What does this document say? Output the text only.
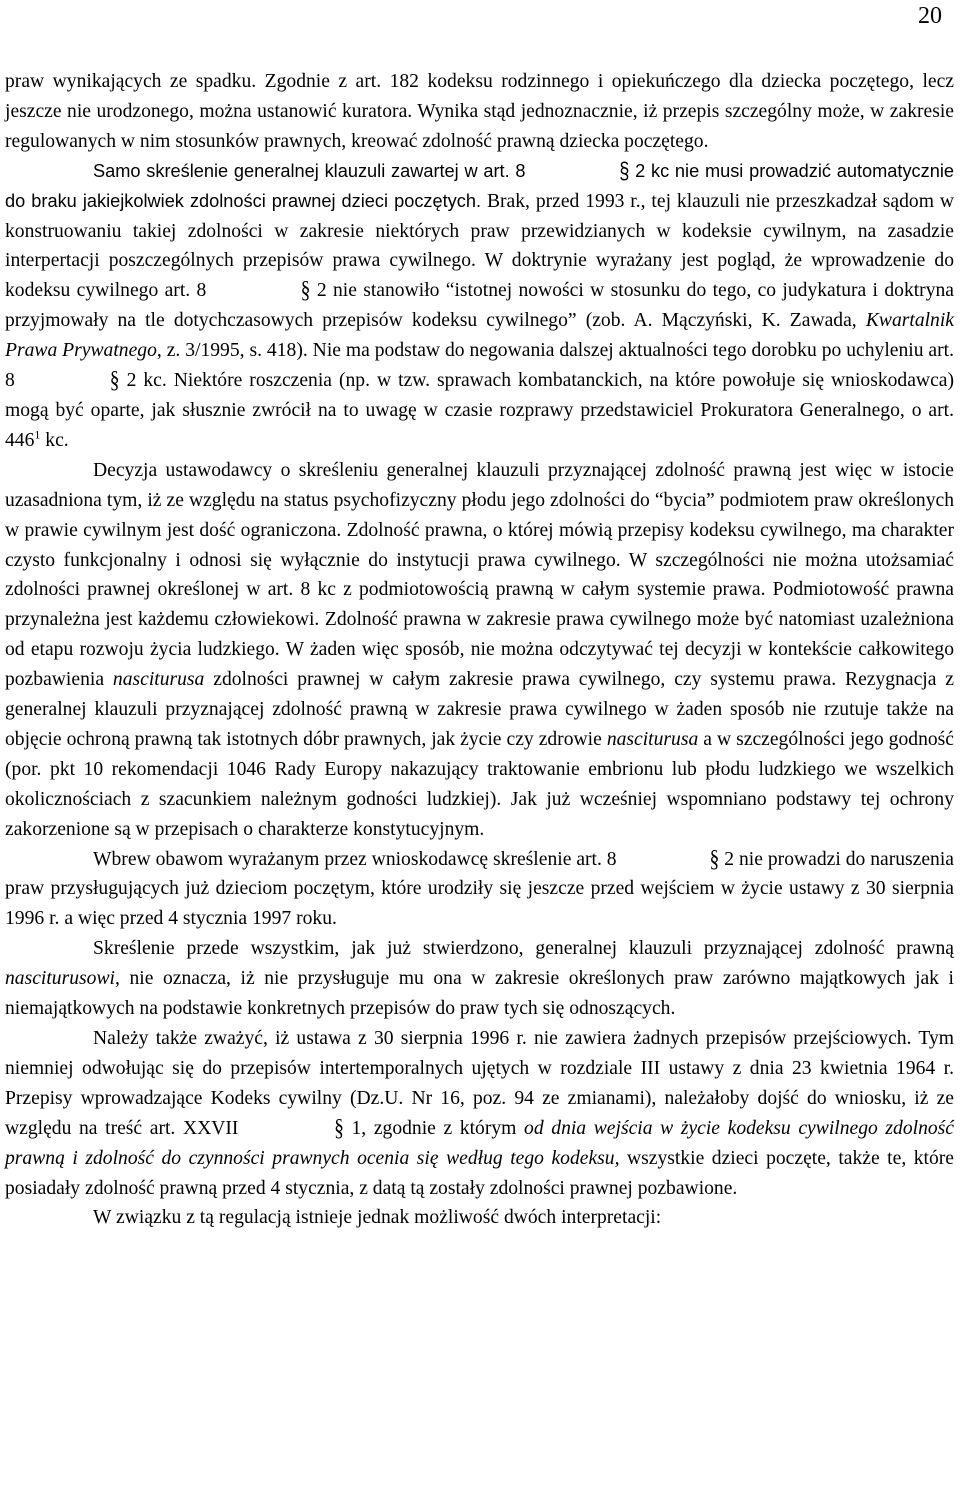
20

praw wynikających ze spadku. Zgodnie z art. 182 kodeksu rodzinnego i opiekuńczego dla dziecka poczętego, lecz jeszcze nie urodzonego, można ustanowić kuratora. Wynika stąd jednoznacznie, iż przepis szczególny może, w zakresie regulowanych w nim stosunków prawnych, kreować zdolność prawną dziecka poczętego.

Samo skreślenie generalnej klauzuli zawartej w art. 8	§ 2 kc nie musi prowadzić automatycznie do braku jakiejkolwiek zdolności prawnej dzieci poczętych. Brak, przed 1993 r., tej klauzuli nie przeszkadzał sądom w konstruowaniu takiej zdolności w zakresie niektórych praw przewidzianych w kodeksie cywilnym, na zasadzie interpertacji poszczególnych przepisów prawa cywilnego. W doktrynie wyrażany jest pogląd, że wprowadzenie do kodeksu cywilnego art. 8	§ 2 nie stanowiło “istotnej nowości w stosunku do tego, co judykatura i doktryna przyjmowały na tle dotychczasowych przepisów kodeksu cywilnego” (zob. A. Mączyński, K. Zawada, Kwartalnik Prawa Prywatnego, z. 3/1995, s. 418). Nie ma podstaw do negowania dalszej aktualności tego dorobku po uchyleniu art. 8	§ 2 kc. Niektóre roszczenia (np. w tzw. sprawach kombatanckich, na które powołuje się wnioskodawca) mogą być oparte, jak słusznie zwrócił na to uwagę w czasie rozprawy przedstawiciel Prokuratora Generalnego, o art. $446^1$ kc.

Decyzja ustawodawcy o skreśleniu generalnej klauzuli przyznającej zdolność prawną jest więc w istocie uzasadniona tym, iż ze względu na status psychofizyczny płodu jego zdolności do “bycia” podmiotem praw określonych w prawie cywilnym jest dość ograniczona. Zdolność prawna, o której mówią przepisy kodeksu cywilnego, ma charakter czysto funkcjonalny i odnosi się wyłącznie do instytucji prawa cywilnego. W szczególności nie można utożsamiać zdolności prawnej określonej w art. 8 kc z podmiotowością prawną w całym systemie prawa. Podmiotowość prawna przynależna jest każdemu człowiekowi. Zdolność prawna w zakresie prawa cywilnego może być natomiast uzależniona od etapu rozwoju życia ludzkiego. W żaden więc sposób, nie można odczytywać tej decyzji w kontekście całkowitego pozbawienia nasciturusa zdolności prawnej w całym zakresie prawa cywilnego, czy systemu prawa. Rezygnacja z generalnej klauzuli przyznającej zdolność prawną w zakresie prawa cywilnego w żaden sposób nie rzutuje także na objęcie ochroną prawną tak istotnych dóbr prawnych, jak życie czy zdrowie nasciturusa a w szczególności jego godność (por. pkt 10 rekomendacji 1046 Rady Europy nakazujący traktowanie embrionu lub płodu ludzkiego we wszelkich okolicznościach z szacunkiem należnym godności ludzkiej). Jak już wcześniej wspomniano podstawy tej ochrony zakorzenione są w przepisach o charakterze konstytucyjnym.

Wbrew obawom wyrażanym przez wnioskodawcę skreślenie art. 8	§ 2 nie prowadzi do naruszenia praw przysługujących już dzieciom poczętym, które urodziły się jeszcze przed wejściem w życie ustawy z 30 sierpnia 1996 r. a więc przed 4 stycznia 1997 roku.

Skreślenie przede wszystkim, jak już stwierdzono, generalnej klauzuli przyznającej zdolność prawną nasciturusowi, nie oznacza, iż nie przysługuje mu ona w zakresie określonych praw zarówno majątkowych jak i niemajątkowych na podstawie konkretnych przepisów do praw tych się odnoszących.

Należy także zważyć, iż ustawa z 30 sierpnia 1996 r. nie zawiera żadnych przepisów przejściowych. Tym niemniej odwołując się do przepisów intertemporalnych ujętych w rozdziale III ustawy z dnia 23 kwietnia 1964 r. Przepisy wprowadzające Kodeks cywilny (Dz.U. Nr 16, poz. 94 ze zmianami), należałoby dojść do wniosku, iż ze względu na treść art. XXVII	§ 1, zgodnie z którym od dnia wejścia w życie kodeksu cywilnego zdolność prawną i zdolność do czynności prawnych ocenia się według tego kodeksu, wszystkie dzieci poczęte, także te, które posiadały zdolność prawną przed 4 stycznia, z datą tą zostały zdolności prawnej pozbawione.

W związku z tą regulacją istnieje jednak możliwość dwóch interpretacji:
